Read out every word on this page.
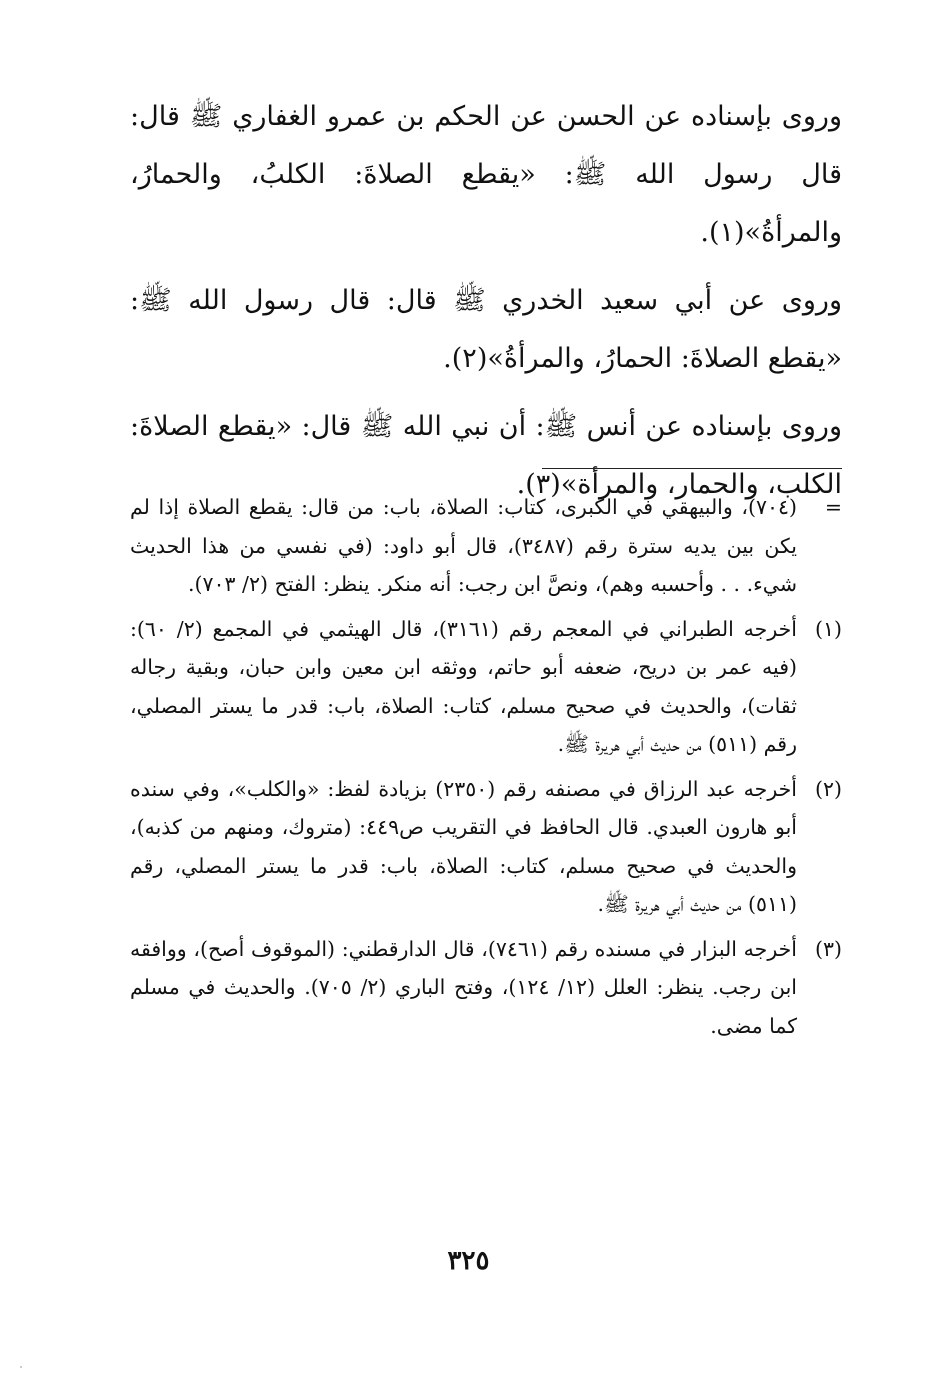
وروى بإسناده عن الحسن عن الحكم بن عمرو الغفاري ﷺ قال: قال رسول الله ﷺ: «يقطع الصلاةَ: الكلبُ، والحمارُ، والمرأةُ»(١).

وروى عن أبي سعيد الخدري ﷺ قال: قال رسول الله ﷺ: «يقطع الصلاةَ: الحمارُ، والمرأةُ»(٢).

وروى بإسناده عن أنس ﷺ: أن نبي الله ﷺ قال: «يقطع الصلاةَ: الكلب، والحمار، والمرأة»(٣).

=
(٧٠٤)، والبيهقي في الكبرى، كتاب: الصلاة، باب: من قال: يقطع الصلاة إذا لم يكن بين يديه سترة رقم (٣٤٨٧)، قال أبو داود: (في نفسي من هذا الحديث شيء. . . وأحسبه وهم)، ونصَّ ابن رجب: أنه منكر. ينظر: الفتح (٢/ ٧٠٣).
(١)
أخرجه الطبراني في المعجم رقم (٣١٦١)، قال الهيثمي في المجمع (٢/ ٦٠): (فيه عمر بن دريح، ضعفه أبو حاتم، ووثقه ابن معين وابن حبان، وبقية رجاله ثقات)، والحديث في صحيح مسلم، كتاب: الصلاة، باب: قدر ما يستر المصلي، رقم (٥١١) من حديث أبي هريرة ﷺ.
(٢)
أخرجه عبد الرزاق في مصنفه رقم (٢٣٥٠) بزيادة لفظ: «والكلب»، وفي سنده أبو هارون العبدي. قال الحافظ في التقريب ص٤٤٩: (متروك، ومنهم من كذبه)، والحديث في صحيح مسلم، كتاب: الصلاة، باب: قدر ما يستر المصلي، رقم (٥١١) من حديث أبي هريرة ﷺ.
(٣)
أخرجه البزار في مسنده رقم (٧٤٦١)، قال الدارقطني: (الموقوف أصح)، ووافقه ابن رجب. ينظر: العلل (١٢/ ١٢٤)، وفتح الباري (٢/ ٧٠٥). والحديث في مسلم كما مضى.
٣٢٥
